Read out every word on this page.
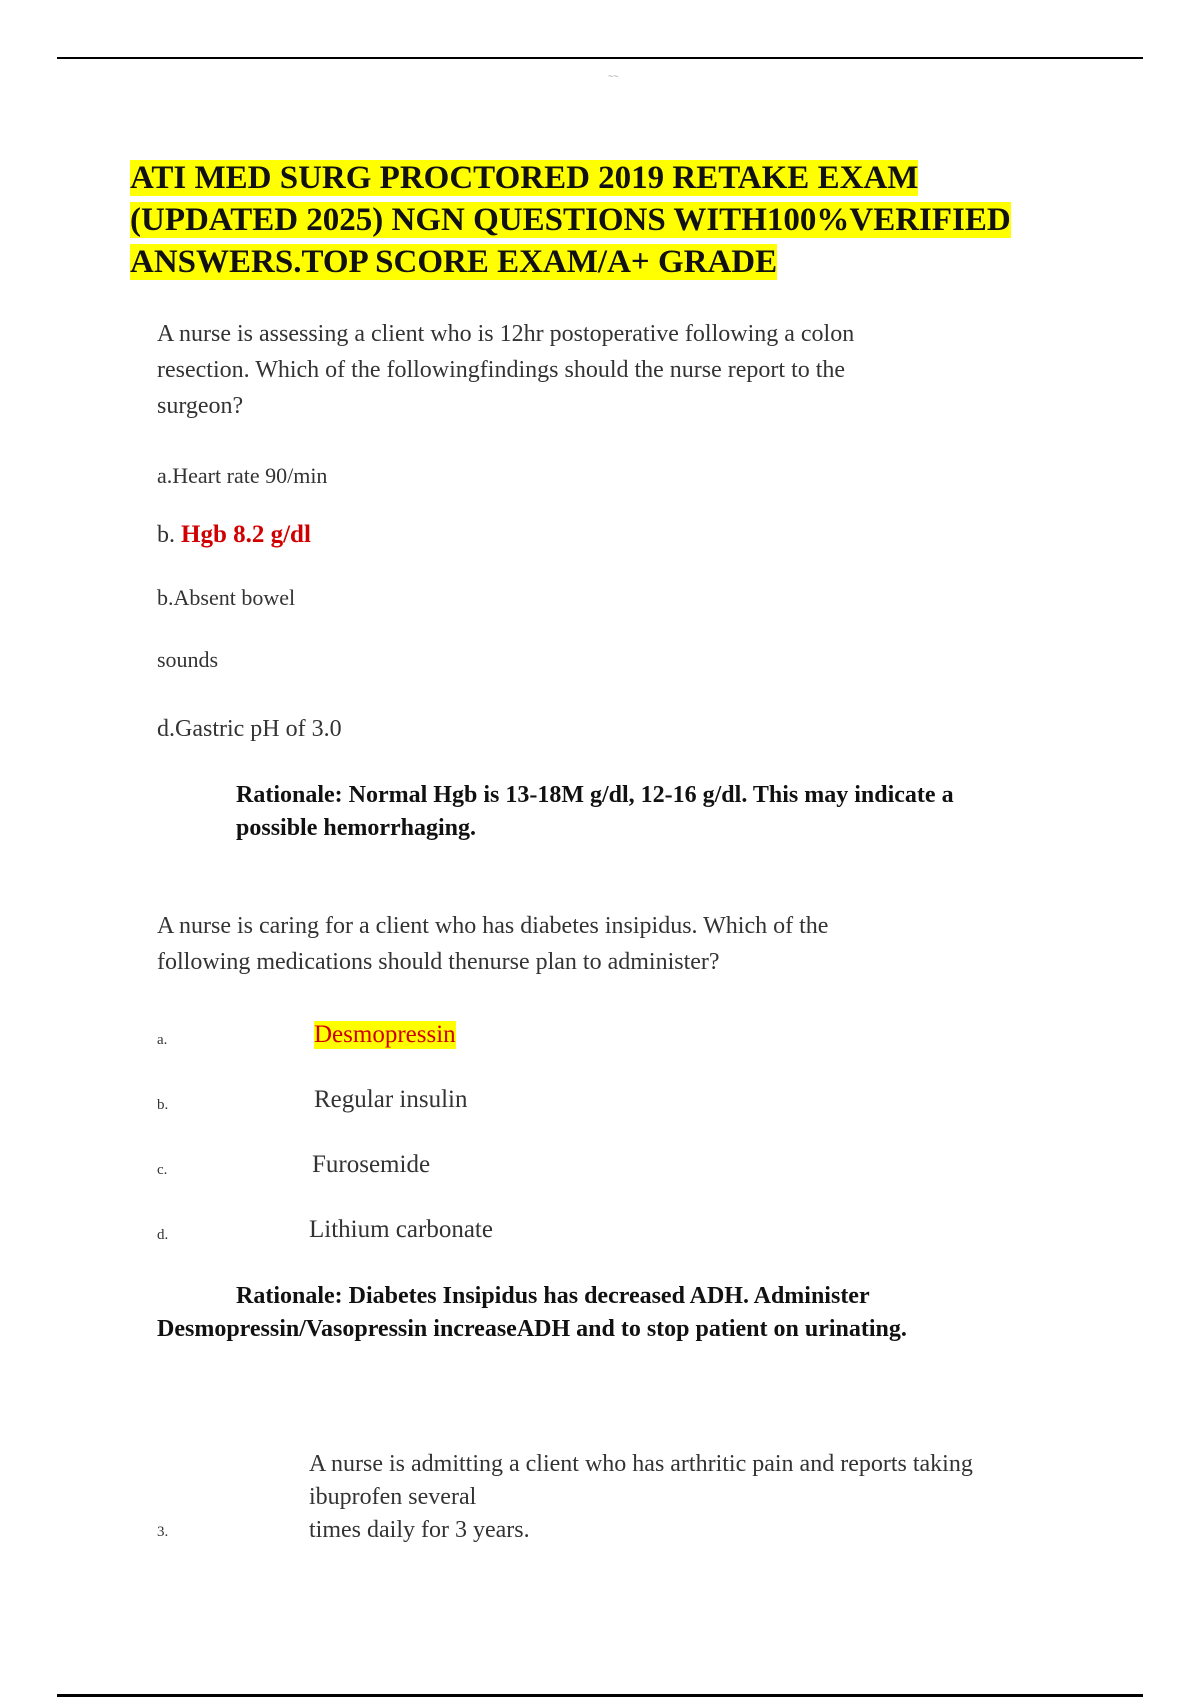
~~
ATI MED SURG PROCTORED 2019 RETAKE EXAM
(UPDATED 2025) NGN QUESTIONS WITH100%VERIFIED
ANSWERS.TOP SCORE EXAM/A+ GRADE
A nurse is assessing a client who is 12hr postoperative following a colon
resection. Which of the followingfindings should the nurse report to the
surgeon?
a.Heart rate 90/min
b. Hgb 8.2 g/dl
b.Absent bowel
sounds
d.Gastric pH of 3.0
Rationale: Normal Hgb is 13-18M g/dl, 12-16 g/dl. This may indicate a
possible hemorrhaging.
A nurse is caring for a client who has diabetes insipidus. Which of the
following medications should thenurse plan to administer?
a.	Desmopressin
b.	Regular insulin
c.	Furosemide
d.	Lithium carbonate
Rationale: Diabetes Insipidus has decreased ADH. Administer
Desmopressin/Vasopressin increaseADH and to stop patient on urinating.
3.
A nurse is admitting a client who has arthritic pain and reports taking
ibuprofen several
times daily for 3 years.
